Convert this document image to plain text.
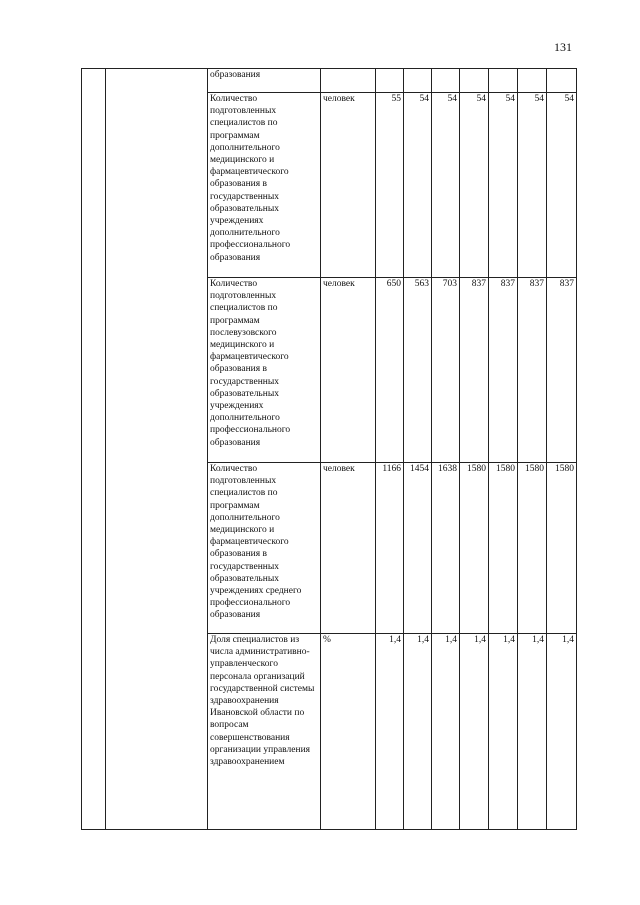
131
		образования								
		Количество подготовленных специалистов по программам дополнительного медицинского и фармацевтического образования в государственных образовательных учреждениях дополнительного профессионального образования	человек	55	54	54	54	54	54	54
		Количество подготовленных специалистов по программам послевузовского медицинского и фармацевтического образования в государственных образовательных учреждениях дополнительного профессионального образования	человек	650	563	703	837	837	837	837
		Количество подготовленных специалистов по программам дополнительного медицинского и фармацевтического образования в государственных образовательных учреждениях среднего профессионального образования	человек	1166	1454	1638	1580	1580	1580	1580
		Доля специалистов из числа административно-управленческого персонала организаций государственной системы здравоохранения Ивановской области по вопросам совершенствования организации управления здравоохранением	%	1,4	1,4	1,4	1,4	1,4	1,4	1,4
